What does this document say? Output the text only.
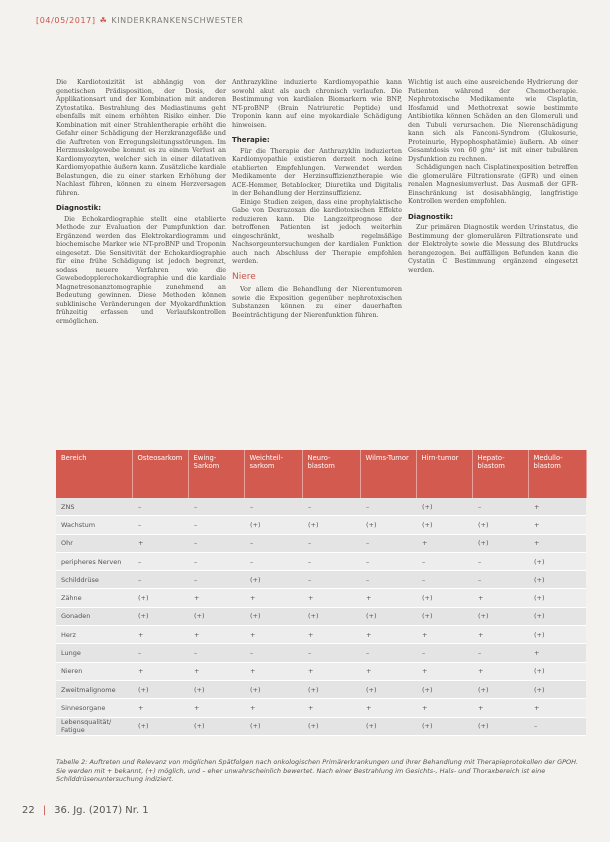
[04/05/2017] ☘ KINDERKRANKENSCHWESTER

Die Kardiotoxizität ist abhängig von der genetischen Prädisposition, der Dosis, der Applikationsart und der Kombination mit anderen Zytostatika. Bestrahlung des Mediastinums geht ebenfalls mit einem erhöhten Risiko einher. Die Kombination mit einer Strahlentherapie erhöht die Gefahr einer Schädigung der Herzkranzgefäße und die Auftreten von Erregungsleitungsstörungen. Im Herzmuskelgewebe kommt es zu einem Verlust an Kardiomyozyten, welcher sich in einer dilatativen Kardiomyopathie äußern kann. Zusätzliche kardiale Belastungen, die zu einer starken Erhöhung der Nachlast führen, können zu einem Herzversagen führen.

Diagnostik:

Die Echokardiographie stellt eine etablierte Methode zur Evaluation der Pumpfunktion dar. Ergänzend werden das Elektrokardiogramm und biochemische Marker wie NT-proBNP und Troponin eingesetzt. Die Sensitivität der Echokardiographie für eine frühe Schädigung ist jedoch begrenzt, sodass neuere Verfahren wie die Gewebedopplerechokardiographie und die kardiale Magnetresonanztomographie zunehmend an Bedeutung gewinnen. Diese Methoden können subklinische Veränderungen der Myokardfunktion frühzeitig erfassen und Verlaufskontrollen ermöglichen.

Anthrazykline induzierte Kardiomyopathie kann sowohl akut als auch chronisch verlaufen. Die Bestimmung von kardialen Biomarkern wie BNP, NT-proBNP (Brain Natriuretic Peptide) und Troponin kann auf eine myokardiale Schädigung hinweisen.

Therapie:

Für die Therapie der Anthrazyklin induzierten Kardiomyopathie existieren derzeit noch keine etablierten Empfehlungen. Verwendet werden Medikamente der Herzinsuffizienztherapie wie ACE-Hemmer, Betablocker, Diuretika und Digitalis in der Behandlung der Herzinsuffizienz.

Einige Studien zeigen, dass eine prophylaktische Gabe von Dexrazoxan die kardiotoxischen Effekte reduzieren kann. Die Langzeitprognose der betroffenen Patienten ist jedoch weiterhin eingeschränkt, weshalb regelmäßige Nachsorgeuntersuchungen der kardialen Funktion auch nach Abschluss der Therapie empfohlen werden.

Niere

Vor allem die Behandlung der Nierentumoren sowie die Exposition gegenüber nephrotoxischen Substanzen können zu einer dauerhaften Beeinträchtigung der Nierenfunktion führen.

Wichtig ist auch eine ausreichende Hydrierung der Patienten während der Chemotherapie. Nephrotoxische Medikamente wie Cisplatin, Ifosfamid und Methotrexat sowie bestimmte Antibiotika können Schäden an den Glomeruli und den Tubuli verursachen. Die Nierenschädigung kann sich als Fanconi-Syndrom (Glukosurie, Proteinurie, Hypophosphatämie) äußern. Ab einer Gesamtdosis von 60 g/m² ist mit einer tubulären Dysfunktion zu rechnen.

Schädigungen nach Cisplatinexposition betreffen die glomeruläre Filtrationsrate (GFR) und einen renalen Magnesiumverlust. Das Ausmaß der GFR-Einschränkung ist dosisabhängig, langfristige Kontrollen werden empfohlen.

Diagnostik:

Zur primären Diagnostik werden Urinstatus, die Bestimmung der glomerulären Filtrationsrate und der Elektrolyte sowie die Messung des Blutdrucks herangezogen. Bei auffälligen Befunden kann die Cystatin C Bestimmung ergänzend eingesetzt werden.

Bereich	Osteosarkom	Ewing-Sarkom	Weichteil-sarkom	Neuro-blastom	Wilms-Tumor	Hirn-tumor	Hepato-blastom	Medullo-blastom
ZNS	–	–	–	–	–	(+)	–	+
Wachstum	–	–	(+)	(+)	(+)	(+)	(+)	+
Ohr	+	–	–	–	–	+	(+)	+
peripheres Nerven	–	–	–	–	–	–	–	(+)
Schilddrüse	–	–	(+)	–	–	–	–	(+)
Zähne	(+)	+	+	+	+	(+)	+	(+)
Gonaden	(+)	(+)	(+)	(+)	(+)	(+)	(+)	(+)
Herz	+	+	+	+	+	+	+	(+)
Lunge	–	–	–	–	–	–	–	+
Nieren	+	+	+	+	+	+	+	(+)
Zweitmalignome	(+)	(+)	(+)	(+)	(+)	(+)	(+)	(+)
Sinnesorgane	+	+	+	+	+	+	+	+
Lebensqualität/ Fatigue	(+)	(+)	(+)	(+)	(+)	(+)	(+)	–
Tabelle 2: Auftreten und Relevanz von möglichen Spätfolgen nach onkologischen Primärerkrankungen und ihrer Behandlung mit Therapieprotokollen der GPOH. Sie werden mit + bekannt, (+) möglich, und – eher unwahrscheinlich bewertet. Nach einer Bestrahlung im Gesichts-, Hals- und Thoraxbereich ist eine Schilddrüsenuntersuchung indiziert.
22 | 36. Jg. (2017) Nr. 1
